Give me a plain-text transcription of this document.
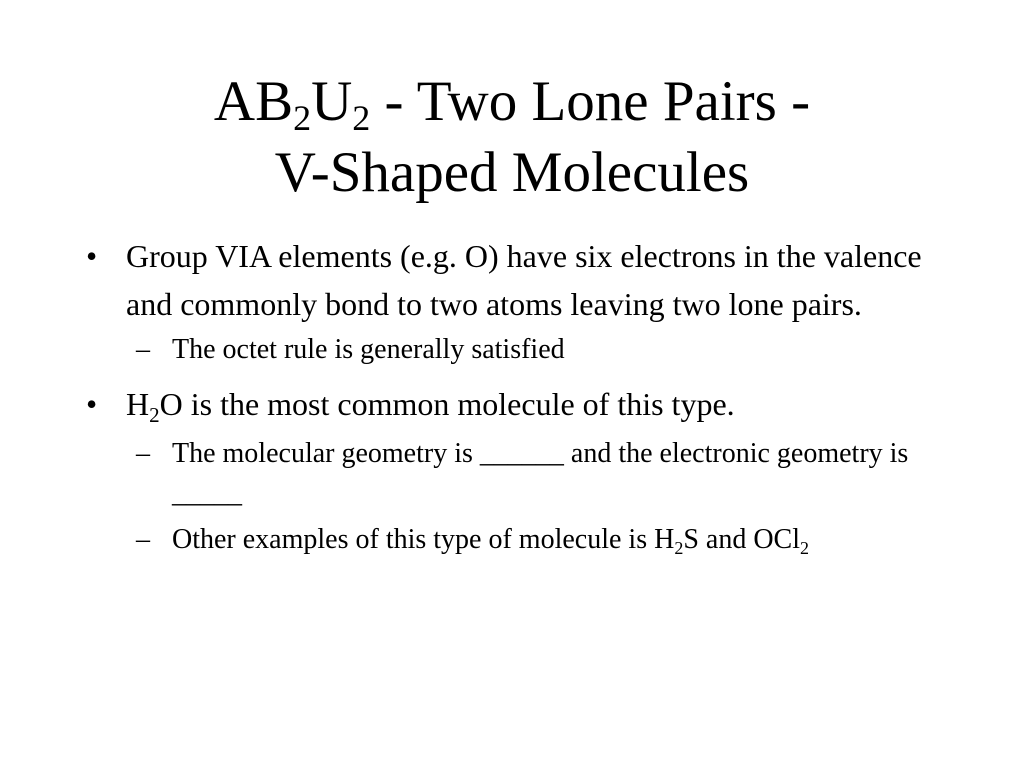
$AB_2U_2$ - Two Lone Pairs -
V-Shaped Molecules

• Group VIA elements (e.g. O) have six electrons in the valence and commonly bond to two atoms leaving two lone pairs.

– The octet rule is generally satisfied

• $H_2O$ is the most common molecule of this type.

– The molecular geometry is ______ and the electronic geometry is _____

– Other examples of this type of molecule is $H_2S$ and OCl$_2$
